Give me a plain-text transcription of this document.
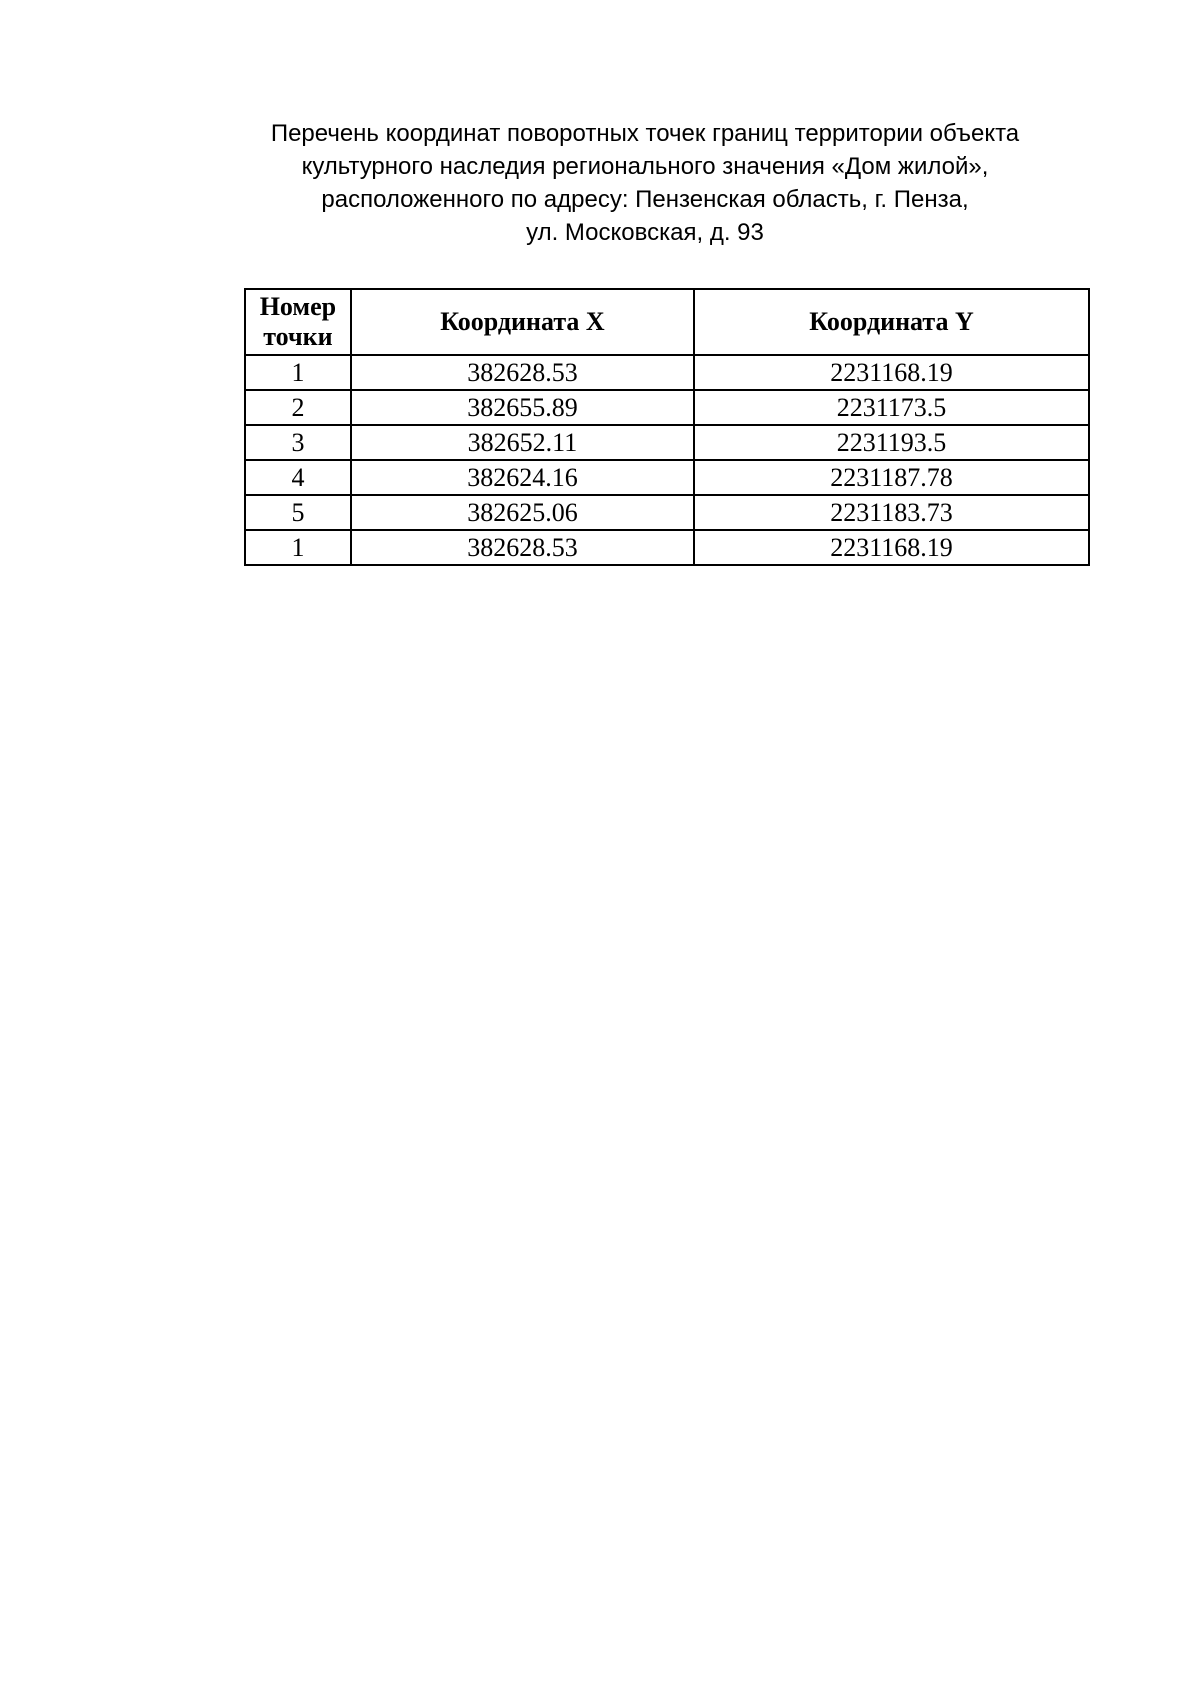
Перечень координат поворотных точек границ территории объекта
культурного наследия регионального значения «Дом жилой»,
расположенного по адресу: Пензенская область, г. Пенза,
ул. Московская, д. 93
Номер
точки	Координата X	Координата Y
1	382628.53	2231168.19
2	382655.89	2231173.5
3	382652.11	2231193.5
4	382624.16	2231187.78
5	382625.06	2231183.73
1	382628.53	2231168.19
